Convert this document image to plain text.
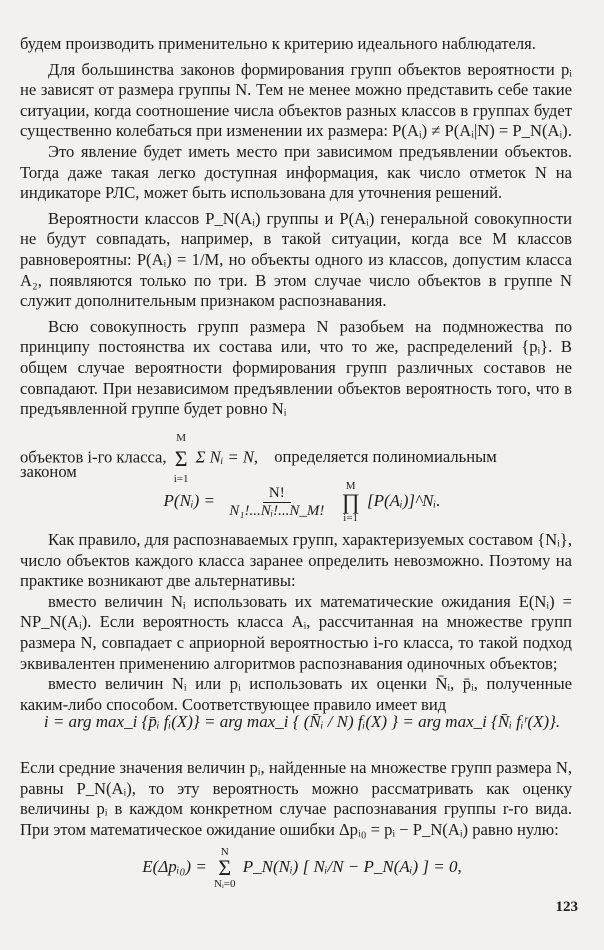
будем производить применительно к критерию идеального наблюдателя.

Для большинства законов формирования групп объектов вероятности pᵢ не зависят от размера группы N. Тем не менее можно представить себе такие ситуации, когда соотношение числа объектов разных классов в группах будет существенно колебаться при изменении их размера: P(Aᵢ) ≠ P(Aᵢ|N) = P_N(Aᵢ).

Это явление будет иметь место при зависимом предъявлении объектов. Тогда даже такая легко доступная информация, как число отметок N на индикаторе РЛС, может быть использована для уточнения решений.

Вероятности классов P_N(Aᵢ) группы и P(Aᵢ) генеральной совокупности не будут совпадать, например, в такой ситуации, когда все M классов равновероятны: P(Aᵢ) = 1/M, но объекты одного из классов, допустим класса A₂, появляются только по три. В этом случае число объектов в группе N служит дополнительным признаком распознавания.

Всю совокупность групп размера N разобьем на подмножества по принципу постоянства их состава или, что то же, распределений {pᵢ}. В общем случае вероятности формирования групп различных составов не совпадают. При независимом предъявлении объектов вероятность того, что в предъявленной группе будет ровно Nᵢ

объектов i-го класса,
M
Σ
i=1
Σ Nᵢ = N, определяется полиномиальным
законом
P(Nᵢ) = $\frac{N!}{\text{N₁!...Nᵢ!...N\_M!}}$
M
∏
i=1
[P(Aᵢ)]^Nᵢ.

Как правило, для распознаваемых групп, характеризуемых составом {Nᵢ}, число объектов каждого класса заранее определить невозможно. Поэтому на практике возникают две альтернативы:

вместо величин Nᵢ использовать их математические ожидания E(Nᵢ) = NP_N(Aᵢ). Если вероятность класса Aᵢ, рассчитанная на множестве групп размера N, совпадает с априорной вероятностью i-го класса, то такой подход эквивалентен применению алгоритмов распознавания одиночных объектов;

вместо величин Nᵢ или pᵢ использовать их оценки N̄ᵢ, p̄ᵢ, полученные каким-либо способом. Соответствующее правило имеет вид

i = arg max_i {p̄ᵢ fᵢ(X)} = arg max_i { (N̄ᵢ / N) fᵢ(X) } = arg max_i {N̄ᵢ fᵢʳ(X)}.

Если средние значения величин pᵢ, найденные на множестве групп размера N, равны P_N(Aᵢ), то эту вероятность можно рассматривать как оценку величины pᵢ в каждом конкретном случае распознавания группы r-го вида. При этом математическое ожидание ошибки Δpᵢ₀ = pᵢ − P_N(Aᵢ) равно нулю:

E(Δpᵢ₀) =
N
Σ
Nᵢ=0
P_N(Nᵢ) [ Nᵢ/N − P_N(Aᵢ) ] = 0,
123
